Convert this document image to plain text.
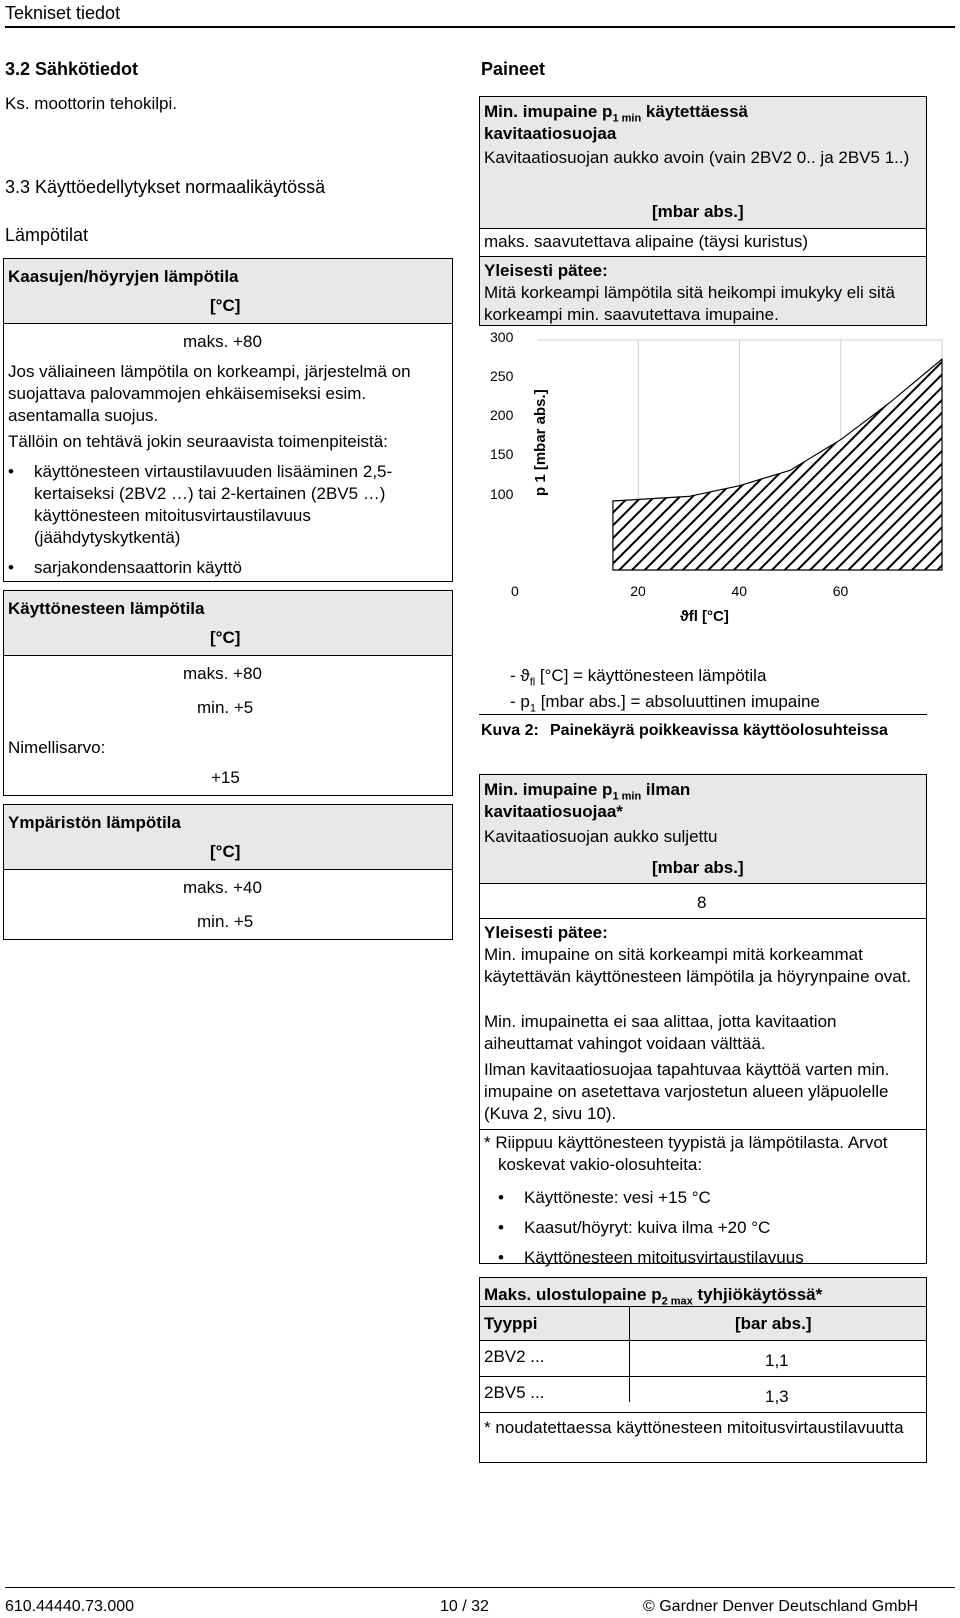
Tekniset tiedot
3.2 Sähkötiedot
Ks. moottorin tehokilpi.
3.3 Käyttöedellytykset normaalikäytössä
Lämpötilat
Kaasujen/höyryjen lämpötila
[°C]
maks. +80
Jos väliaineen lämpötila on korkeampi, järjestelmä on suojattava palovammojen ehkäisemiseksi esim. asentamalla suojus.
Tällöin on tehtävä jokin seuraavista toimenpiteistä:
• käyttönesteen virtaustilavuuden lisääminen 2,5-kertaiseksi (2BV2 …) tai 2-kertainen (2BV5 …) käyttönesteen mitoitusvirtaustilavuus (jäähdytyskytkentä)
• sarjakondensaattorin käyttö
Käyttönesteen lämpötila
[°C]
maks. +80
min. +5
Nimellisarvo:
+15
Ympäristön lämpötila
[°C]
maks. +40
min. +5
Paineet
Min. imupaine $p_{1 min}$ käytettäessä
kavitaatiosuojaa
Kavitaatiosuojan aukko avoin (vain 2BV2 0.. ja 2BV5 1..)
[mbar abs.]
maks. saavutettava alipaine (täysi kuristus)
Yleisesti pätee:
Mitä korkeampi lämpötila sitä heikompi imukyky eli sitä korkeampi min. saavutettava imupaine.
300
250
200
150
100
0	20	40	60
p 1 [mbar abs.]
ϑfl [°C]
- $ϑ_{fl}$ [°C] = käyttönesteen lämpötila
- $p_1$ [mbar abs.] = absoluuttinen imupaine
Kuva 2: Painekäyrä poikkeavissa käyttöolosuhteissa
Min. imupaine $p_{1 min}$ ilman
kavitaatiosuojaa*
Kavitaatiosuojan aukko suljettu
[mbar abs.]
8
Yleisesti pätee:
Min. imupaine on sitä korkeampi mitä korkeammat käytettävän käyttönesteen lämpötila ja höyrynpaine ovat.
Min. imupainetta ei saa alittaa, jotta kavitaation aiheuttamat vahingot voidaan välttää.
Ilman kavitaatiosuojaa tapahtuvaa käyttöä varten min. imupaine on asetettava varjostetun alueen yläpuolelle (Kuva 2, sivu 10).
* Riippuu käyttönesteen tyypistä ja lämpötilasta. Arvot koskevat vakio-olosuhteita:
• Käyttöneste: vesi +15 °C
• Kaasut/höyryt: kuiva ilma +20 °C
• Käyttönesteen mitoitusvirtaustilavuus
Maks. ulostulopaine $p_{2 max}$ tyhjiökäytössä*
Tyyppi	[bar abs.]
2BV2 ...	1,1
2BV5 ...	1,3
* noudatettaessa käyttönesteen mitoitusvirtaustilavuutta
610.44440.73.000	10 / 32	© Gardner Denver Deutschland GmbH
